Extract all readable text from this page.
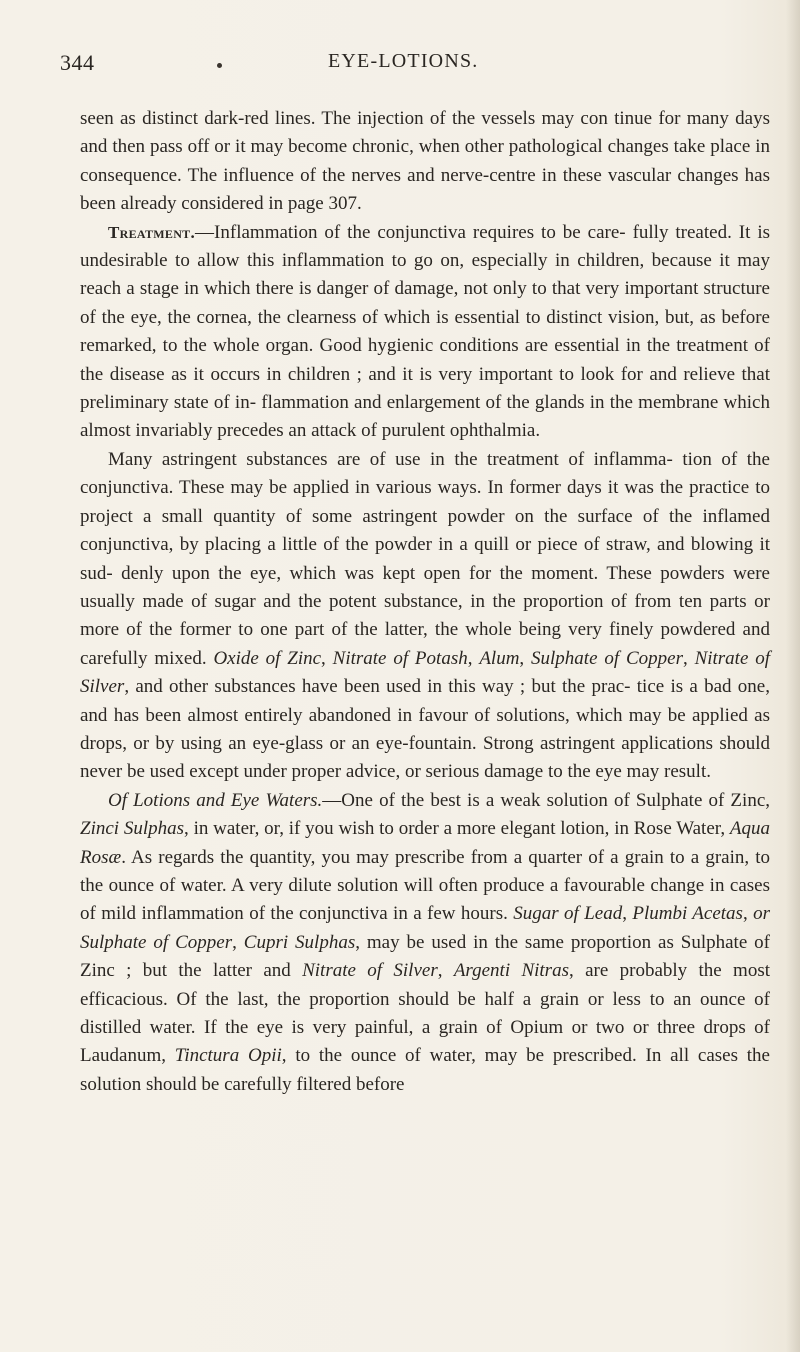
344	EYE-LOTIONS.

seen as distinct dark-red lines. The injection of the vessels may con tinue for many days and then pass off or it may become chronic, when other pathological changes take place in consequence. The influence of the nerves and nerve-centre in these vascular changes has been already considered in page 307.

Treatment.—Inflammation of the conjunctiva requires to be care- fully treated. It is undesirable to allow this inflammation to go on, especially in children, because it may reach a stage in which there is danger of damage, not only to that very important structure of the eye, the cornea, the clearness of which is essential to distinct vision, but, as before remarked, to the whole organ. Good hygienic conditions are essential in the treatment of the disease as it occurs in children ; and it is very important to look for and relieve that preliminary state of in- flammation and enlargement of the glands in the membrane which almost invariably precedes an attack of purulent ophthalmia.

Many astringent substances are of use in the treatment of inflamma- tion of the conjunctiva. These may be applied in various ways. In former days it was the practice to project a small quantity of some astringent powder on the surface of the inflamed conjunctiva, by placing a little of the powder in a quill or piece of straw, and blowing it sud- denly upon the eye, which was kept open for the moment. These powders were usually made of sugar and the potent substance, in the proportion of from ten parts or more of the former to one part of the latter, the whole being very finely powdered and carefully mixed. Oxide of Zinc, Nitrate of Potash, Alum, Sulphate of Copper, Nitrate of Silver, and other substances have been used in this way ; but the prac- tice is a bad one, and has been almost entirely abandoned in favour of solutions, which may be applied as drops, or by using an eye-glass or an eye-fountain. Strong astringent applications should never be used except under proper advice, or serious damage to the eye may result.

Of Lotions and Eye Waters.—One of the best is a weak solution of Sulphate of Zinc, Zinci Sulphas, in water, or, if you wish to order a more elegant lotion, in Rose Water, Aqua Rosæ. As regards the quantity, you may prescribe from a quarter of a grain to a grain, to the ounce of water. A very dilute solution will often produce a favourable change in cases of mild inflammation of the conjunctiva in a few hours. Sugar of Lead, Plumbi Acetas, or Sulphate of Copper, Cupri Sulphas, may be used in the same proportion as Sulphate of Zinc ; but the latter and Nitrate of Silver, Argenti Nitras, are probably the most efficacious. Of the last, the proportion should be half a grain or less to an ounce of distilled water. If the eye is very painful, a grain of Opium or two or three drops of Laudanum, Tinctura Opii, to the ounce of water, may be prescribed. In all cases the solution should be carefully filtered before
